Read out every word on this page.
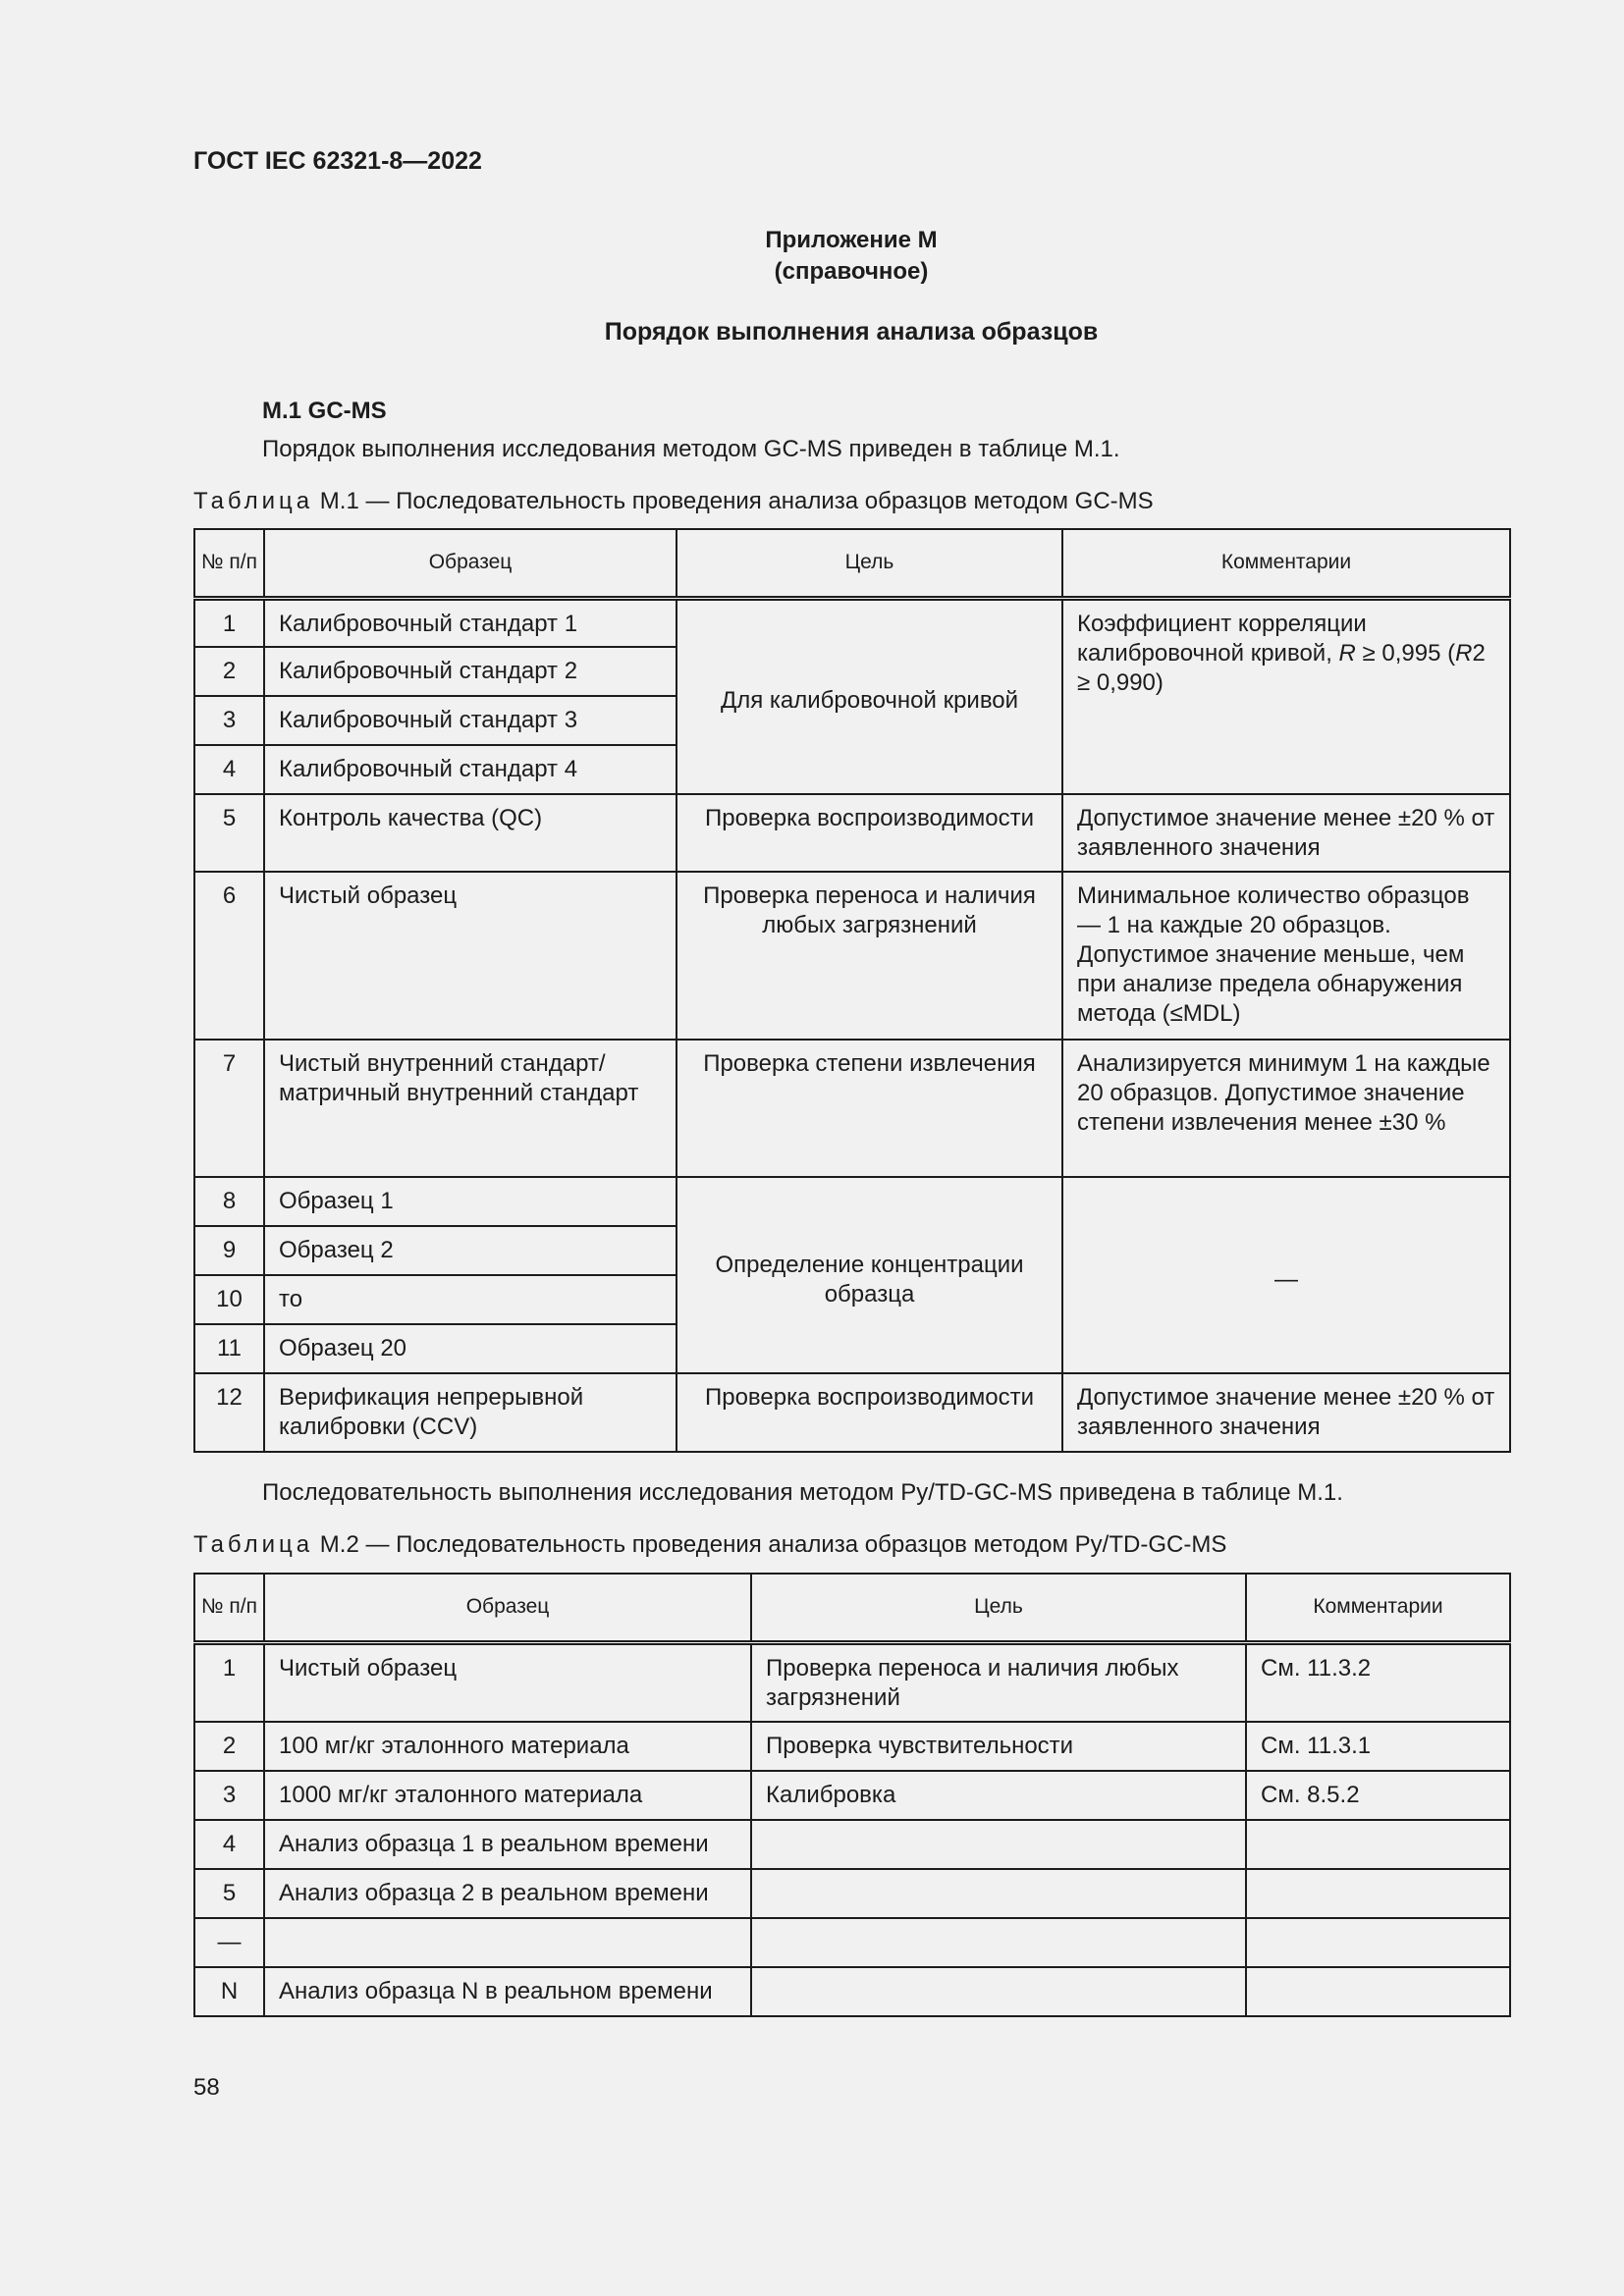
ГОСТ IEC 62321-8—2022
Приложение М
(справочное)
Порядок выполнения анализа образцов
М.1 GC-MS
Порядок выполнения исследования методом GC-MS приведен в таблице М.1.
Таблица М.1 — Последовательность проведения анализа образцов методом GC-MS
№ п/п	Образец	Цель	Комментарии
1	Калибровочный стандарт 1	Для калибровочной кривой	Коэффициент корреляции калибровочной кривой, R ≥ 0,995 (R2 ≥ 0,990)
2	Калибровочный стандарт 2		
3	Калибровочный стандарт 3		
4	Калибровочный стандарт 4		
5	Контроль качества (QC)	Проверка воспроизводимости	Допустимое значение менее ±20 % от заявленного значения
6	Чистый образец	Проверка переноса и наличия любых загрязнений	Минимальное количество образцов — 1 на каждые 20 образцов. Допустимое значение меньше, чем при анализе предела обнаружения метода (≤MDL)
7	Чистый внутренний стандарт/ матричный внутренний стандарт	Проверка степени извлечения	Анализируется минимум 1 на каждые 20 образцов. Допустимое значение степени извлечения менее ±30 %
8	Образец 1	Определение концентрации образца	—
9	Образец 2		
10	то		
11	Образец 20		
12	Верификация непрерывной калибровки (CCV)	Проверка воспроизводимости	Допустимое значение менее ±20 % от заявленного значения
Последовательность выполнения исследования методом Py/TD-GC-MS приведена в таблице М.1.
Таблица М.2 — Последовательность проведения анализа образцов методом Py/TD-GC-MS
№ п/п	Образец	Цель	Комментарии
1	Чистый образец	Проверка переноса и наличия любых загрязнений	См. 11.3.2
2	100 мг/кг эталонного материала	Проверка чувствительности	См. 11.3.1
3	1000 мг/кг эталонного материала	Калибровка	См. 8.5.2
4	Анализ образца 1 в реальном времени		
5	Анализ образца 2 в реальном времени		
—			
N	Анализ образца N в реальном времени		
58
